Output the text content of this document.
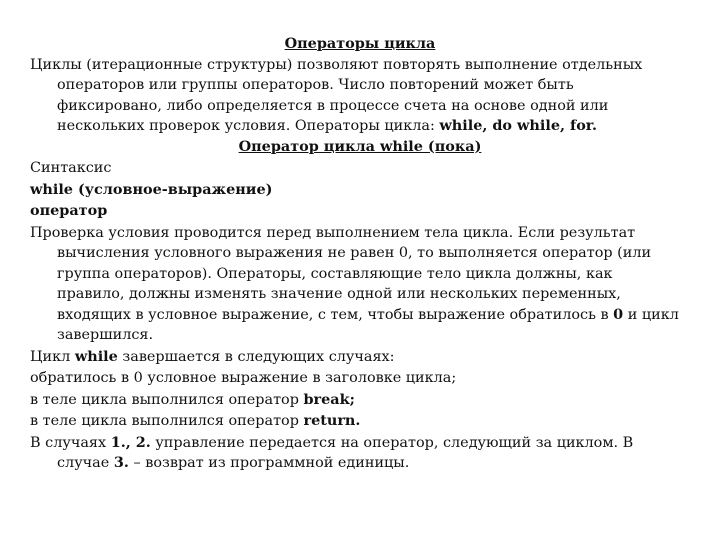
Операторы цикла

Циклы (итерационные структуры) позволяют повторять выполнение отдельных операторов или группы операторов. Число повторений может быть фиксировано, либо определяется в процессе счета на основе одной или нескольких проверок условия. Операторы цикла: while, do while, for.

Оператор цикла while (пока)

Синтаксис

while (условное-выражение)

оператор

Проверка условия проводится перед выполнением тела цикла. Если результат вычисления условного выражения не равен 0, то выполняется оператор (или группа операторов). Операторы, составляющие тело цикла должны, как правило, должны изменять значение одной или нескольких переменных, входящих в условное выражение, с тем, чтобы выражение обратилось в 0 и цикл завершился.

Цикл while завершается в следующих случаях:

обратилось в 0 условное выражение в заголовке цикла;

в теле цикла выполнился оператор break;

в теле цикла выполнился оператор return.

В случаях 1., 2. управление передается на оператор, следующий за циклом. В случае 3. – возврат из программной единицы.
